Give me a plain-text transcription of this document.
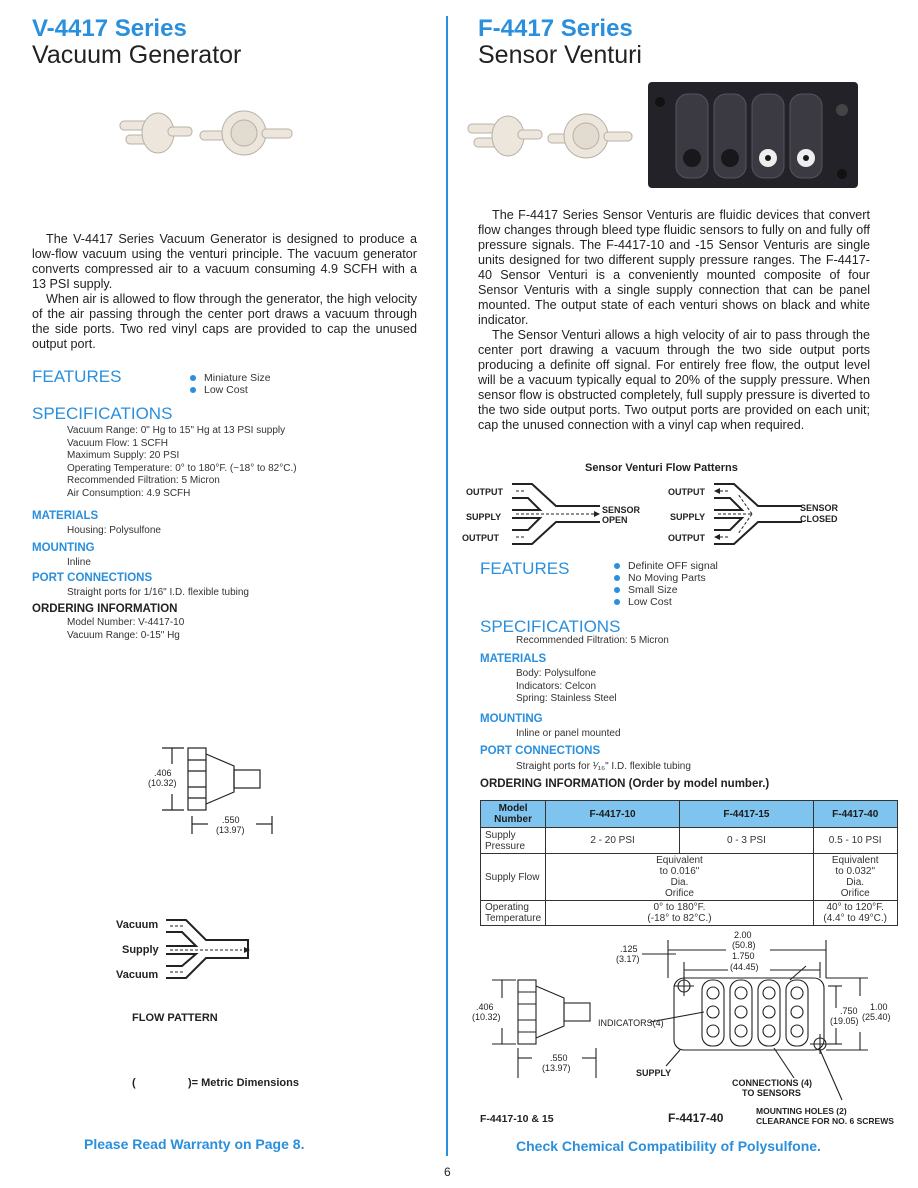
V-4417 Series
Vacuum Generator

The V-4417 Series Vacuum Generator is designed to produce a low-flow vacuum using the venturi principle. The vacuum generator converts compressed air to a vacuum consuming 4.9 SCFH with a 13 PSI supply.

When air is allowed to flow through the generator, the high velocity of the air passing through the center port draws a vacuum through the side ports. Two red vinyl caps are provided to cap the unused output port.

FEATURES	Miniature Size
Low Cost
SPECIFICATIONS
Vacuum Range: 0" Hg to 15" Hg at 13 PSI supply
Vacuum Flow: 1 SCFH
Maximum Supply: 20 PSI
Operating Temperature: 0° to 180°F. (−18° to 82°C.)
Recommended Filtration: 5 Micron
Air Consumption: 4.9 SCFH
MATERIALS
Housing: Polysulfone
MOUNTING
Inline
PORT CONNECTIONS
Straight ports for 1/16" I.D. flexible tubing
ORDERING INFORMATION
Model Number: V-4417-10
Vacuum Range: 0-15" Hg
.406
(10.32)
.550
(13.97)
Vacuum
Supply
Vacuum
FLOW PATTERN
(	)= Metric Dimensions
Please Read Warranty on Page 8.
F-4417 Series
Sensor Venturi

The F-4417 Series Sensor Venturis are fluidic devices that convert flow changes through bleed type fluidic sensors to fully on and fully off pressure signals. The F-4417-10 and -15 Sensor Venturis are single units designed for two different supply pressure ranges. The F-4417-40 Sensor Venturi is a conveniently mounted composite of four Sensor Venturis with a single supply connection that can be panel mounted. The output state of each venturi shows on black and white indicator.

The Sensor Venturi allows a high velocity of air to pass through the center port drawing a vacuum through the two side output ports producing a definite off signal. For entirely free flow, the output level will be a vacuum typically equal to 20% of the supply pressure. When sensor flow is obstructed completely, full supply pressure is diverted to the two side output ports. Two output ports are provided on each unit; cap the unused connection with a vinyl cap when required.

Sensor Venturi Flow Patterns
OUTPUT
SUPPLY
OUTPUT
SENSOR
OPEN
OUTPUT
SUPPLY
OUTPUT
SENSOR
CLOSED
FEATURES	Definite OFF signal
No Moving Parts
Small Size
Low Cost
SPECIFICATIONS
Recommended Filtration: 5 Micron
MATERIALS
Body: Polysulfone
Indicators: Celcon
Spring: Stainless Steel
MOUNTING
Inline or panel mounted
PORT CONNECTIONS
Straight ports for ¹⁄₁₆" I.D. flexible tubing
ORDERING INFORMATION (Order by model number.)
Model Number	F-4417-10	F-4417-15	F-4417-40
Supply Pressure	2 - 20 PSI	0 - 3 PSI	0.5 - 10 PSI
Supply Flow	Equivalent to 0.016" Dia. Orifice		Equivalent to 0.032" Dia. Orifice
Operating Temperature	0° to 180°F. (-18° to 82°C.)		40° to 120°F. (4.4° to 49°C.)
.406
(10.32)
.550
(13.97)
2.00
(50.8)
1.750
(44.45)
.125
(3.17)
.750
(19.05)
1.00
(25.40)
INDICATORS(4)
SUPPLY
CONNECTIONS (4)
TO SENSORS
MOUNTING HOLES (2)
CLEARANCE FOR NO. 6 SCREWS
F-4417-10 & 15	F-4417-40
Check Chemical Compatibility of Polysulfone.
6
